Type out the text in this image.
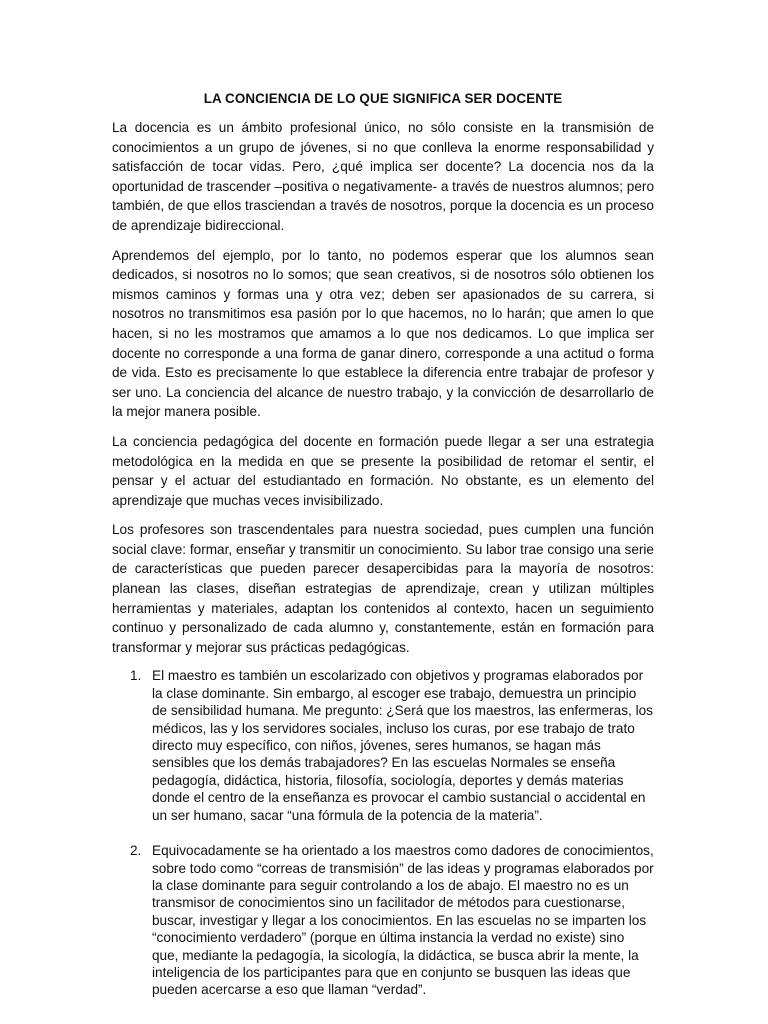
LA CONCIENCIA DE LO QUE SIGNIFICA SER DOCENTE

La docencia es un ámbito profesional único, no sólo consiste en la transmisión de conocimientos a un grupo de jóvenes, si no que conlleva la enorme responsabilidad y satisfacción de tocar vidas. Pero, ¿qué implica ser docente? La docencia nos da la oportunidad de trascender –positiva o negativamente- a través de nuestros alumnos; pero también, de que ellos trasciendan a través de nosotros, porque la docencia es un proceso de aprendizaje bidireccional.

Aprendemos del ejemplo, por lo tanto, no podemos esperar que los alumnos sean dedicados, si nosotros no lo somos; que sean creativos, si de nosotros sólo obtienen los mismos caminos y formas una y otra vez; deben ser apasionados de su carrera, si nosotros no transmitimos esa pasión por lo que hacemos, no lo harán; que amen lo que hacen, si no les mostramos que amamos a lo que nos dedicamos. Lo que implica ser docente no corresponde a una forma de ganar dinero, corresponde a una actitud o forma de vida. Esto es precisamente lo que establece la diferencia entre trabajar de profesor y ser uno. La conciencia del alcance de nuestro trabajo, y la convicción de desarrollarlo de la mejor manera posible.

La conciencia pedagógica del docente en formación puede llegar a ser una estrategia metodológica en la medida en que se presente la posibilidad de retomar el sentir, el pensar y el actuar del estudiantado en formación. No obstante, es un elemento del aprendizaje que muchas veces invisibilizado.

Los profesores son trascendentales para nuestra sociedad, pues cumplen una función social clave: formar, enseñar y transmitir un conocimiento. Su labor trae consigo una serie de características que pueden parecer desapercibidas para la mayoría de nosotros: planean las clases, diseñan estrategias de aprendizaje, crean y utilizan múltiples herramientas y materiales, adaptan los contenidos al contexto, hacen un seguimiento continuo y personalizado de cada alumno y, constantemente, están en formación para transformar y mejorar sus prácticas pedagógicas.

1. El maestro es también un escolarizado con objetivos y programas elaborados por la clase dominante. Sin embargo, al escoger ese trabajo, demuestra un principio de sensibilidad humana. Me pregunto: ¿Será que los maestros, las enfermeras, los médicos, las y los servidores sociales, incluso los curas, por ese trabajo de trato directo muy específico, con niños, jóvenes, seres humanos, se hagan más sensibles que los demás trabajadores? En las escuelas Normales se enseña pedagogía, didáctica, historia, filosofía, sociología, deportes y demás materias donde el centro de la enseñanza es provocar el cambio sustancial o accidental en un ser humano, sacar “una fórmula de la potencia de la materia”.

2. Equivocadamente se ha orientado a los maestros como dadores de conocimientos, sobre todo como “correas de transmisión” de las ideas y programas elaborados por la clase dominante para seguir controlando a los de abajo. El maestro no es un transmisor de conocimientos sino un facilitador de métodos para cuestionarse, buscar, investigar y llegar a los conocimientos. En las escuelas no se imparten los “conocimiento verdadero” (porque en última instancia la verdad no existe) sino que, mediante la pedagogía, la sicología, la didáctica, se busca abrir la mente, la inteligencia de los participantes para que en conjunto se busquen las ideas que pueden acercarse a eso que llaman “verdad”.
